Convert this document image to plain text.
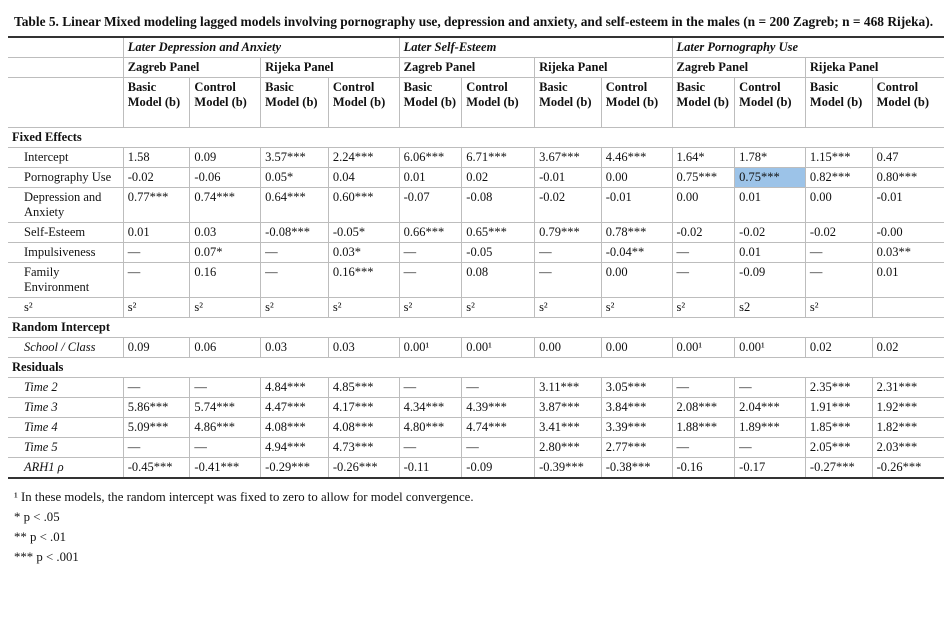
Table 5. Linear Mixed modeling lagged models involving pornography use, depression and anxiety, and self-esteem in the males (n = 200 Zagreb; n = 468 Rijeka).
	Later Depression and Anxiety				Later Self-Esteem				Later Pornography Use			
	Zagreb Panel		Rijeka Panel		Zagreb Panel		Rijeka Panel		Zagreb Panel		Rijeka Panel	
	Basic Model (b)	Control Model (b)	Basic Model (b)	Control Model (b)	Basic Model (b)	Control Model (b)	Basic Model (b)	Control Model (b)	Basic Model (b)	Control Model (b)	Basic Model (b)	Control Model (b)
Fixed Effects												
Intercept	1.58	0.09	3.57***	2.24***	6.06***	6.71***	3.67***	4.46***	1.64*	1.78*	1.15***	0.47
Pornography Use	-0.02	-0.06	0.05*	0.04	0.01	0.02	-0.01	0.00	0.75***	0.75***	0.82***	0.80***
Depression and Anxiety	0.77***	0.74***	0.64***	0.60***	-0.07	-0.08	-0.02	-0.01	0.00	0.01	0.00	-0.01
Self-Esteem	0.01	0.03	-0.08***	-0.05*	0.66***	0.65***	0.79***	0.78***	-0.02	-0.02	-0.02	-0.00
Impulsiveness	—	0.07*	—	0.03*	—	-0.05	—	-0.04**	—	0.01	—	0.03**
Family Environment	—	0.16	—	0.16***	—	0.08	—	0.00	—	-0.09	—	0.01
s²	s²	s²	s²	s²	s²	s²	s²	s²	s²	s2	s²	
Random Intercept												
School / Class	0.09	0.06	0.03	0.03	0.00¹	0.00¹	0.00	0.00	0.00¹	0.00¹	0.02	0.02
Residuals												
Time 2	—	—	4.84***	4.85***	—	—	3.11***	3.05***	—	—	2.35***	2.31***
Time 3	5.86***	5.74***	4.47***	4.17***	4.34***	4.39***	3.87***	3.84***	2.08***	2.04***	1.91***	1.92***
Time 4	5.09***	4.86***	4.08***	4.08***	4.80***	4.74***	3.41***	3.39***	1.88***	1.89***	1.85***	1.82***
Time 5	—	—	4.94***	4.73***	—	—	2.80***	2.77***	—	—	2.05***	2.03***
ARH1 ρ	-0.45***	-0.41***	-0.29***	-0.26***	-0.11	-0.09	-0.39***	-0.38***	-0.16	-0.17	-0.27***	-0.26***
¹ In these models, the random intercept was fixed to zero to allow for model convergence.
* p < .05
** p < .01
*** p < .001
